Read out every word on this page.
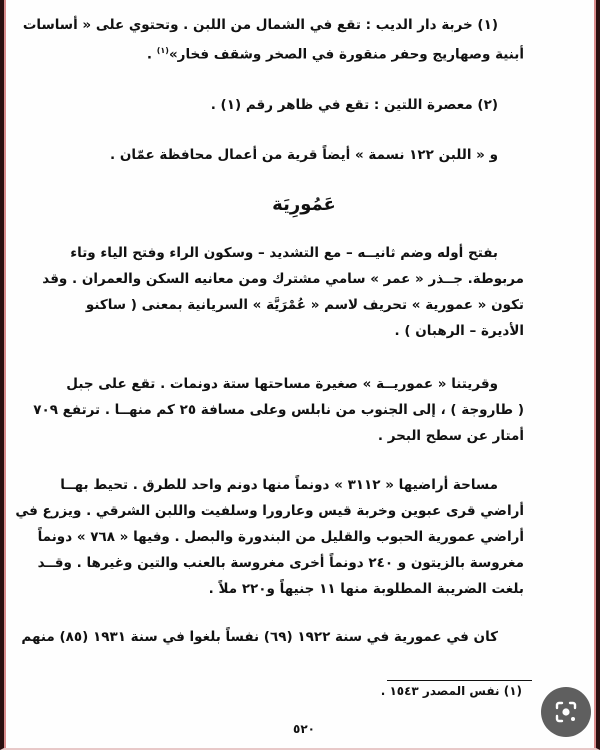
(١) خربة دار الديب : تقع في الشمال من اللبن . وتحتوي على « أساسات
أبنية وصهاريج وحفر منقورة في الصخر وشقف فخار»$^{(١)}$ .
(٢) معصرة اللتين : تقع في ظاهر رقم (١) .
و « اللبن ١٢٢ نسمة » أيضاً قرية من أعمال محافظة عمّان .
عَمُورِيَة
بفتح أوله وضم ثانيــه – مع التشديد – وسكون الراء وفتح الياء وتاء
مربوطة. جــذر « عمر » سامي مشترك ومن معانيه السكن والعمران . وقد
تكون « عمورية » تحريف لاسم « عُمْرَيَّة » السريانية بمعنى ( ساكنو
الأديرة – الرهبان ) .
وقريتنا « عموريــة » صغيرة مساحتها ستة دونمات . تقع على جبل
( طاروجة ) ، إلى الجنوب من نابلس وعلى مسافة ٢٥ كم منهــا . ترتفع ٧٠٩
أمتار عن سطح البحر .
مساحة أراضيها « ٣١١٢ » دونماً منها دونم واحد للطرق . تحيط بهــا
أراضي قرى عبوين وخربة قيس وعارورا وسلفيت واللبن الشرقي . ويزرع في
أراضي عمورية الحبوب والقليل من البندورة والبصل . وفيها « ٧٦٨ » دونماً
مغروسة بالزيتون و ٢٤٠ دونماً أخرى مغروسة بالعنب والتين وغيرها . وقــد
بلغت الضريبة المطلوبة منها ١١ جنيهاً و٢٢٠ ملاً .
كان في عمورية في سنة ١٩٢٢ (٦٩) نفساً بلغوا في سنة ١٩٣١ (٨٥) منهم
(١) نفس المصدر ١٥٤٣ .
٥٢٠
